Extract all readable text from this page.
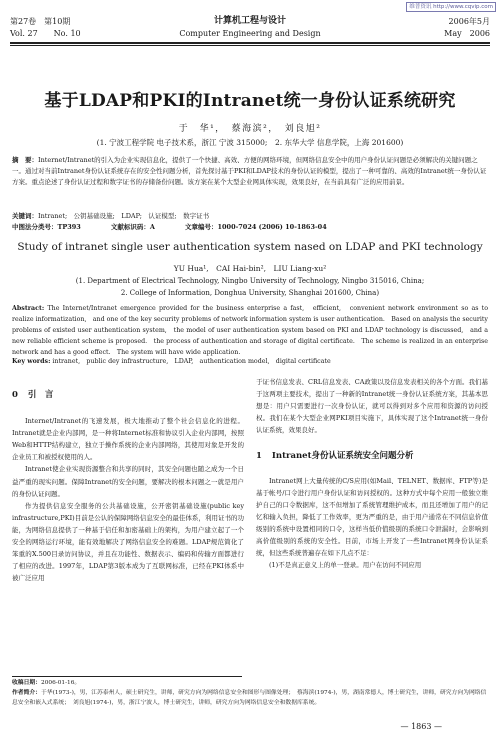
维普资讯 http://www.cqvip.com
第27卷　第10期	计算机工程与设计	2006年5月
Vol. 27　　No. 10	Computer Engineering and Design	May　2006
基于LDAP和PKI的Intranet统一身份认证系统研究
于　华¹，　蔡海滨²，　刘良旭²
(1. 宁波工程学院 电子技术系，浙江 宁波 315000;　2. 东华大学 信息学院，上海 201600)
摘　要：Internet/Intranet的引入为企业实现信息化，提供了一个快捷、高效、方便的网络环境，但网络信息安全中的用户身份认证问题是必须解决的关键问题之一。通过对当前Intranet身份认证系统存在的安全性问题分析，首先探讨基于PKI和LDAP技术的身份认证的模型，提出了一种可靠的、高效的Intranet统一身份认证方案。重点论述了身份认证过程和数字证书的存储备份问题。该方案在某个大型企业网具体实现，效果良好，在当前具有广泛的应用前景。
关键词：Intranet;　公钥基础设施;　LDAP;　认证模型;　数字证书
中图法分类号：TP393	文献标识码：A	文章编号：1000-7024 (2006) 10-1863-04
Study of intranet single user authentication system nased on LDAP and PKI technology
YU Hua¹,　CAI Hai-bin²,　LIU Liang-xu²
(1. Department of Electrical Technology, Ningbo University of Technology, Ningbo 315016, China;
2. College of Information, Donghua University, Shanghai 201600, China)
Abstract: The Internet/Intranet emergence provided for the business enterprise a fast,　efficient,　convenient network environment so as to realize informatization,　and one of the key security problems of network information system is user authentication.　Based on analysis the security problems of existed user authentication system,　the model of user authentication system based on PKI and LDAP technology is discussed,　and a new reliable efficient scheme is proposed.　the process of authentication and storage of digital certificate.　The scheme is realized in an enterprise network and has a good effect.　The system will have wide application.
Key words: intranet,　public dey infrastructure,　LDAP,　authentication model,　digital certificate
0 引　言

Internet/Intranet的飞速发展，极大地推动了整个社会信息化的进程。Intranet就是企业内部网，是一种将Internet标准和协议引入企业内部网，按照Web和HTTP结构建立，独立于操作系统的企业内部网络，其使用对象是开发的企业员工和被授权使用的人。

Intranet使企业实现资源整合和共享的同时，其安全问题也随之成为一个日益严重的现实问题。保障Intranet的安全问题，要解决的根本问题之一就是用户的身份认证问题。

作为提供信息安全服务的公共基础设施，公开密钥基础设施(public key infrastructure,PKI)目前是公认的保障网络信息安全的最佳体系，利用证书的功能，为网络信息提供了一种基于信任和加密基础上的架构，为用户建立起了一个安全的网络运行环境，能有效地解决了网络信息安全的难题。LDAP规范简化了笨重的X.500目录访问协议，并且在功能性、数据表示、编码和传输方面都进行了相应的改进。1997年，LDAP第3版本成为了互联网标准，已经在PKI体系中被广泛应用

于证书信息发表、CRL信息发表、CA政策以及信息发表相关的各个方面。我们基于这两项主要技术，提出了一种新的Intranet统一身份认证系统方案，其基本思想是：用户只需要进行一次身份认证，就可以得到对多个应用和资源的访问授权。我们在某个大型企业网PKI项目实施下，具体实现了这个Intranet统一身份认证系统，效果良好。

1 Intranet身份认证系统安全问题分析

Intranet网上大量传统的C/S应用(如Mail、TELNET、数据库、FTP等)是基于帐号/口令进行用户身份认证和访问授权的。这种方式中每个应用一般独立维护自己的口令数据库，这不但增加了系统管理维护成本，而且还增加了用户的记忆和输入负担，降低了工作效率，更为严重的是，由于用户通常在不同信息价值级别的系统中设置相同的口令，这样当低价值级别的系统口令泄漏时，会影响到高价值级别的系统的安全性。目前，市场上开发了一些Intranet网身份认证系统，但这些系统普遍存在如下几点不足：

(1)不是真正意义上的单一登录。用户在访问不同应用

收稿日期：2006-01-16。
作者简介：于华(1973-)，男，江苏泰州人，硕士研究生，讲师，研究方向为网络信息安全和图形与图像处理；　蔡海滨(1974-)，男，湖南常德人，博士研究生，讲师，研究方向为网络信息安全和嵌入式系统；　刘良旭(1974-)，男，浙江宁波人，博士研究生，讲师，研究方向为网络信息安全和数据库系统。
— 1863 —
